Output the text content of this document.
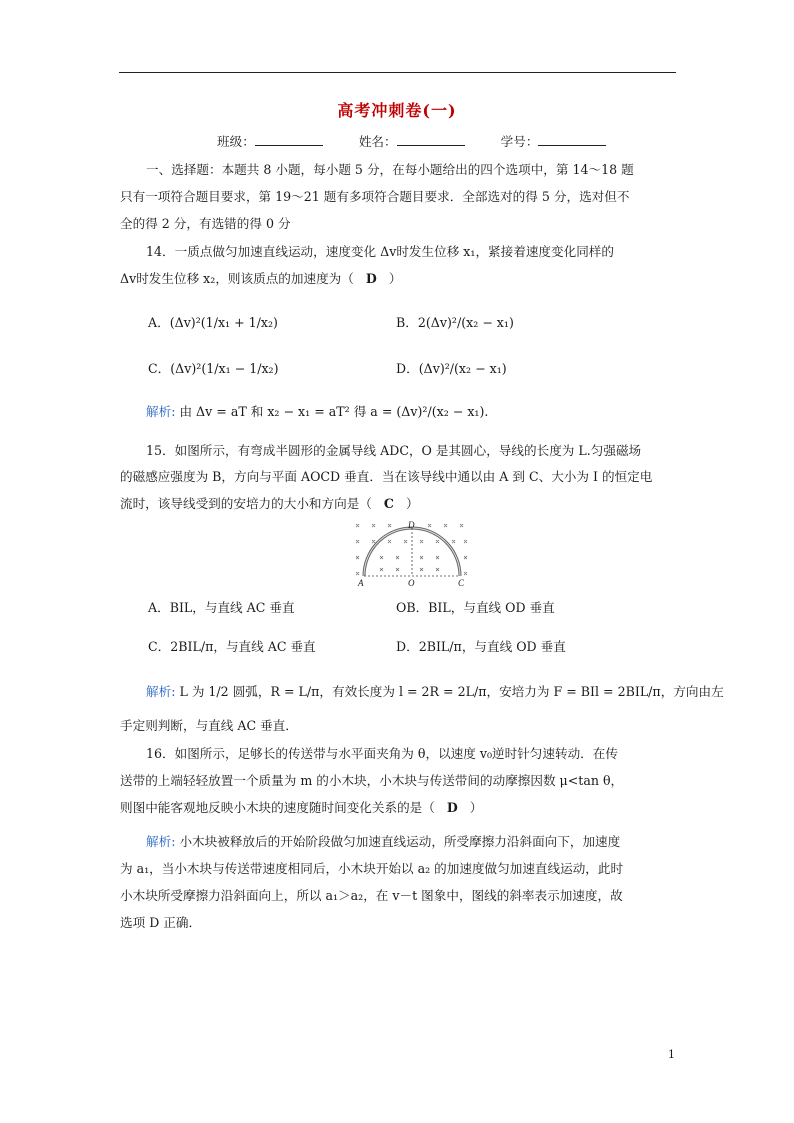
高考冲刺卷(一)
班级：	姓名：	学号：
一、选择题：本题共 8 小题，每小题 5 分，在每小题给出的四个选项中，第 14～18 题
只有一项符合题目要求，第 19～21 题有多项符合题目要求．全部选对的得 5 分，选对但不
全的得 2 分，有选错的得 0 分
14．一质点做匀加速直线运动，速度变化 Δv时发生位移 x₁，紧接着速度变化同样的
Δv时发生位移 x₂，则该质点的加速度为（ D ）
A．(Δv)²(1/x₁ + 1/x₂)	B．2(Δv)²/(x₂ − x₁)
C．(Δv)²(1/x₁ − 1/x₂)	D．(Δv)²/(x₂ − x₁)
解析: 由 Δv = aT 和 x₂ − x₁ = aT² 得 a = (Δv)²/(x₂ − x₁).
15．如图所示，有弯成半圆形的金属导线 ADC，O 是其圆心，导线的长度为 L.匀强磁场
的磁感应强度为 B，方向与平面 AOCD 垂直．当在该导线中通以由 A 到 C、大小为 I 的恒定电
流时，该导线受到的安培力的大小和方向是（ C ）
D
A	O	C
A．BIL，与直线 AC 垂直	OB．BIL，与直线 OD 垂直
C．2BIL/π，与直线 AC 垂直	D．2BIL/π，与直线 OD 垂直
解析: L 为 1/2 圆弧，R = L/π，有效长度为 l = 2R = 2L/π，安培力为 F = BIl = 2BIL/π，方向由左
手定则判断，与直线 AC 垂直．
16．如图所示，足够长的传送带与水平面夹角为 θ，以速度 v₀逆时针匀速转动．在传
送带的上端轻轻放置一个质量为 m 的小木块，小木块与传送带间的动摩擦因数 μ<tan θ，
则图中能客观地反映小木块的速度随时间变化关系的是（ D ）
解析: 小木块被释放后的开始阶段做匀加速直线运动，所受摩擦力沿斜面向下，加速度
为 a₁，当小木块与传送带速度相同后，小木块开始以 a₂ 的加速度做匀加速直线运动，此时
小木块所受摩擦力沿斜面向上，所以 a₁＞a₂，在 v－t 图象中，图线的斜率表示加速度，故
选项 D 正确．
1
